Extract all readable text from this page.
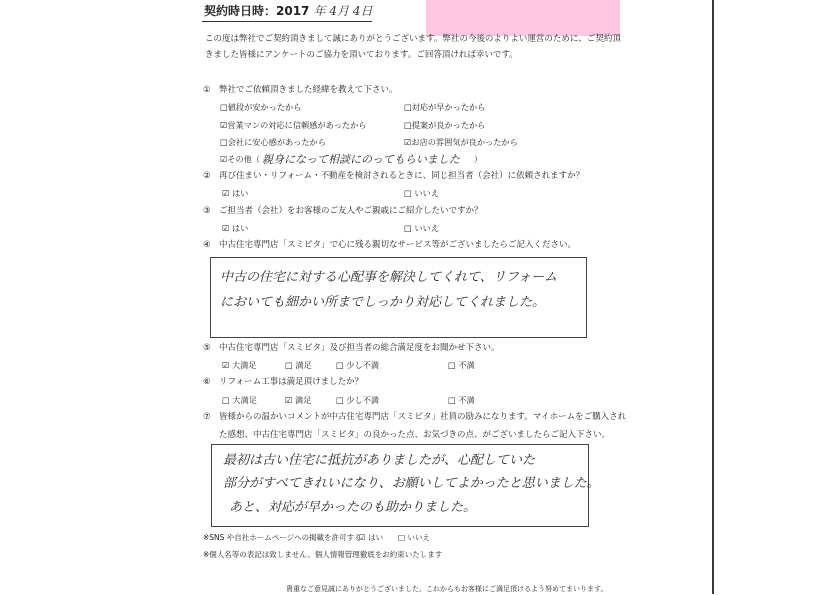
契約時日時：2017 年 4月 4日
この度は弊社でご契約頂きまして誠にありがとうございます。弊社の今後のよりよい運営のために、ご契約頂
きました皆様にアンケートのご協力を頂いております。ご回答頂ければ幸いです。
① 弊社でご依頼頂きました経緯を教えて下さい。
□値段が安かったから	□対応が早かったから
☑営業マンの対応に信頼感があったから	□提案が良かったから
□会社に安心感があったから	☑お店の雰囲気が良かったから
☑その他（ 親身になって相談にのってもらいました ）
② 再び住まい・リフォーム・不動産を検討されるときに、同じ担当者（会社）に依頼されますか？
☑ はい	□ いいえ
③ ご担当者（会社）をお客様のご友人やご親戚にご紹介したいですか？
☑ はい	□ いいえ
④ 中古住宅専門店「スミピタ」で心に残る親切なサービス等がございましたらご記入ください。
中古の住宅に対する心配事を解決してくれて、リフォーム
においても細かい所までしっかり対応してくれました。
⑤ 中古住宅専門店「スミピタ」及び担当者の総合満足度をお聞かせ下さい。
☑ 大満足	□ 満足	□ 少し不満	□ 不満
⑥ リフォーム工事は満足頂けましたか？
□ 大満足	☑ 満足	□ 少し不満	□ 不満
⑦ 皆様からの温かいコメントが中古住宅専門店「スミピタ」社員の励みになります。マイホームをご購入され
た感想、中古住宅専門店「スミピタ」の良かった点、お気づきの点、がございましたらご記入下さい。
最初は古い住宅に抵抗がありましたが、心配していた
部分がすべてきれいになり、お願いしてよかったと思いました。
あと、対応が早かったのも助かりました。
※SNS や自社ホームページへの掲載を許可する
☑ はい □ いいえ
※個人名等の表記は致しません。個人情報管理徹底をお約束いたします
貴重なご意見誠にありがとうございました。これからもお客様にご満足頂けるよう努めてまいります。
